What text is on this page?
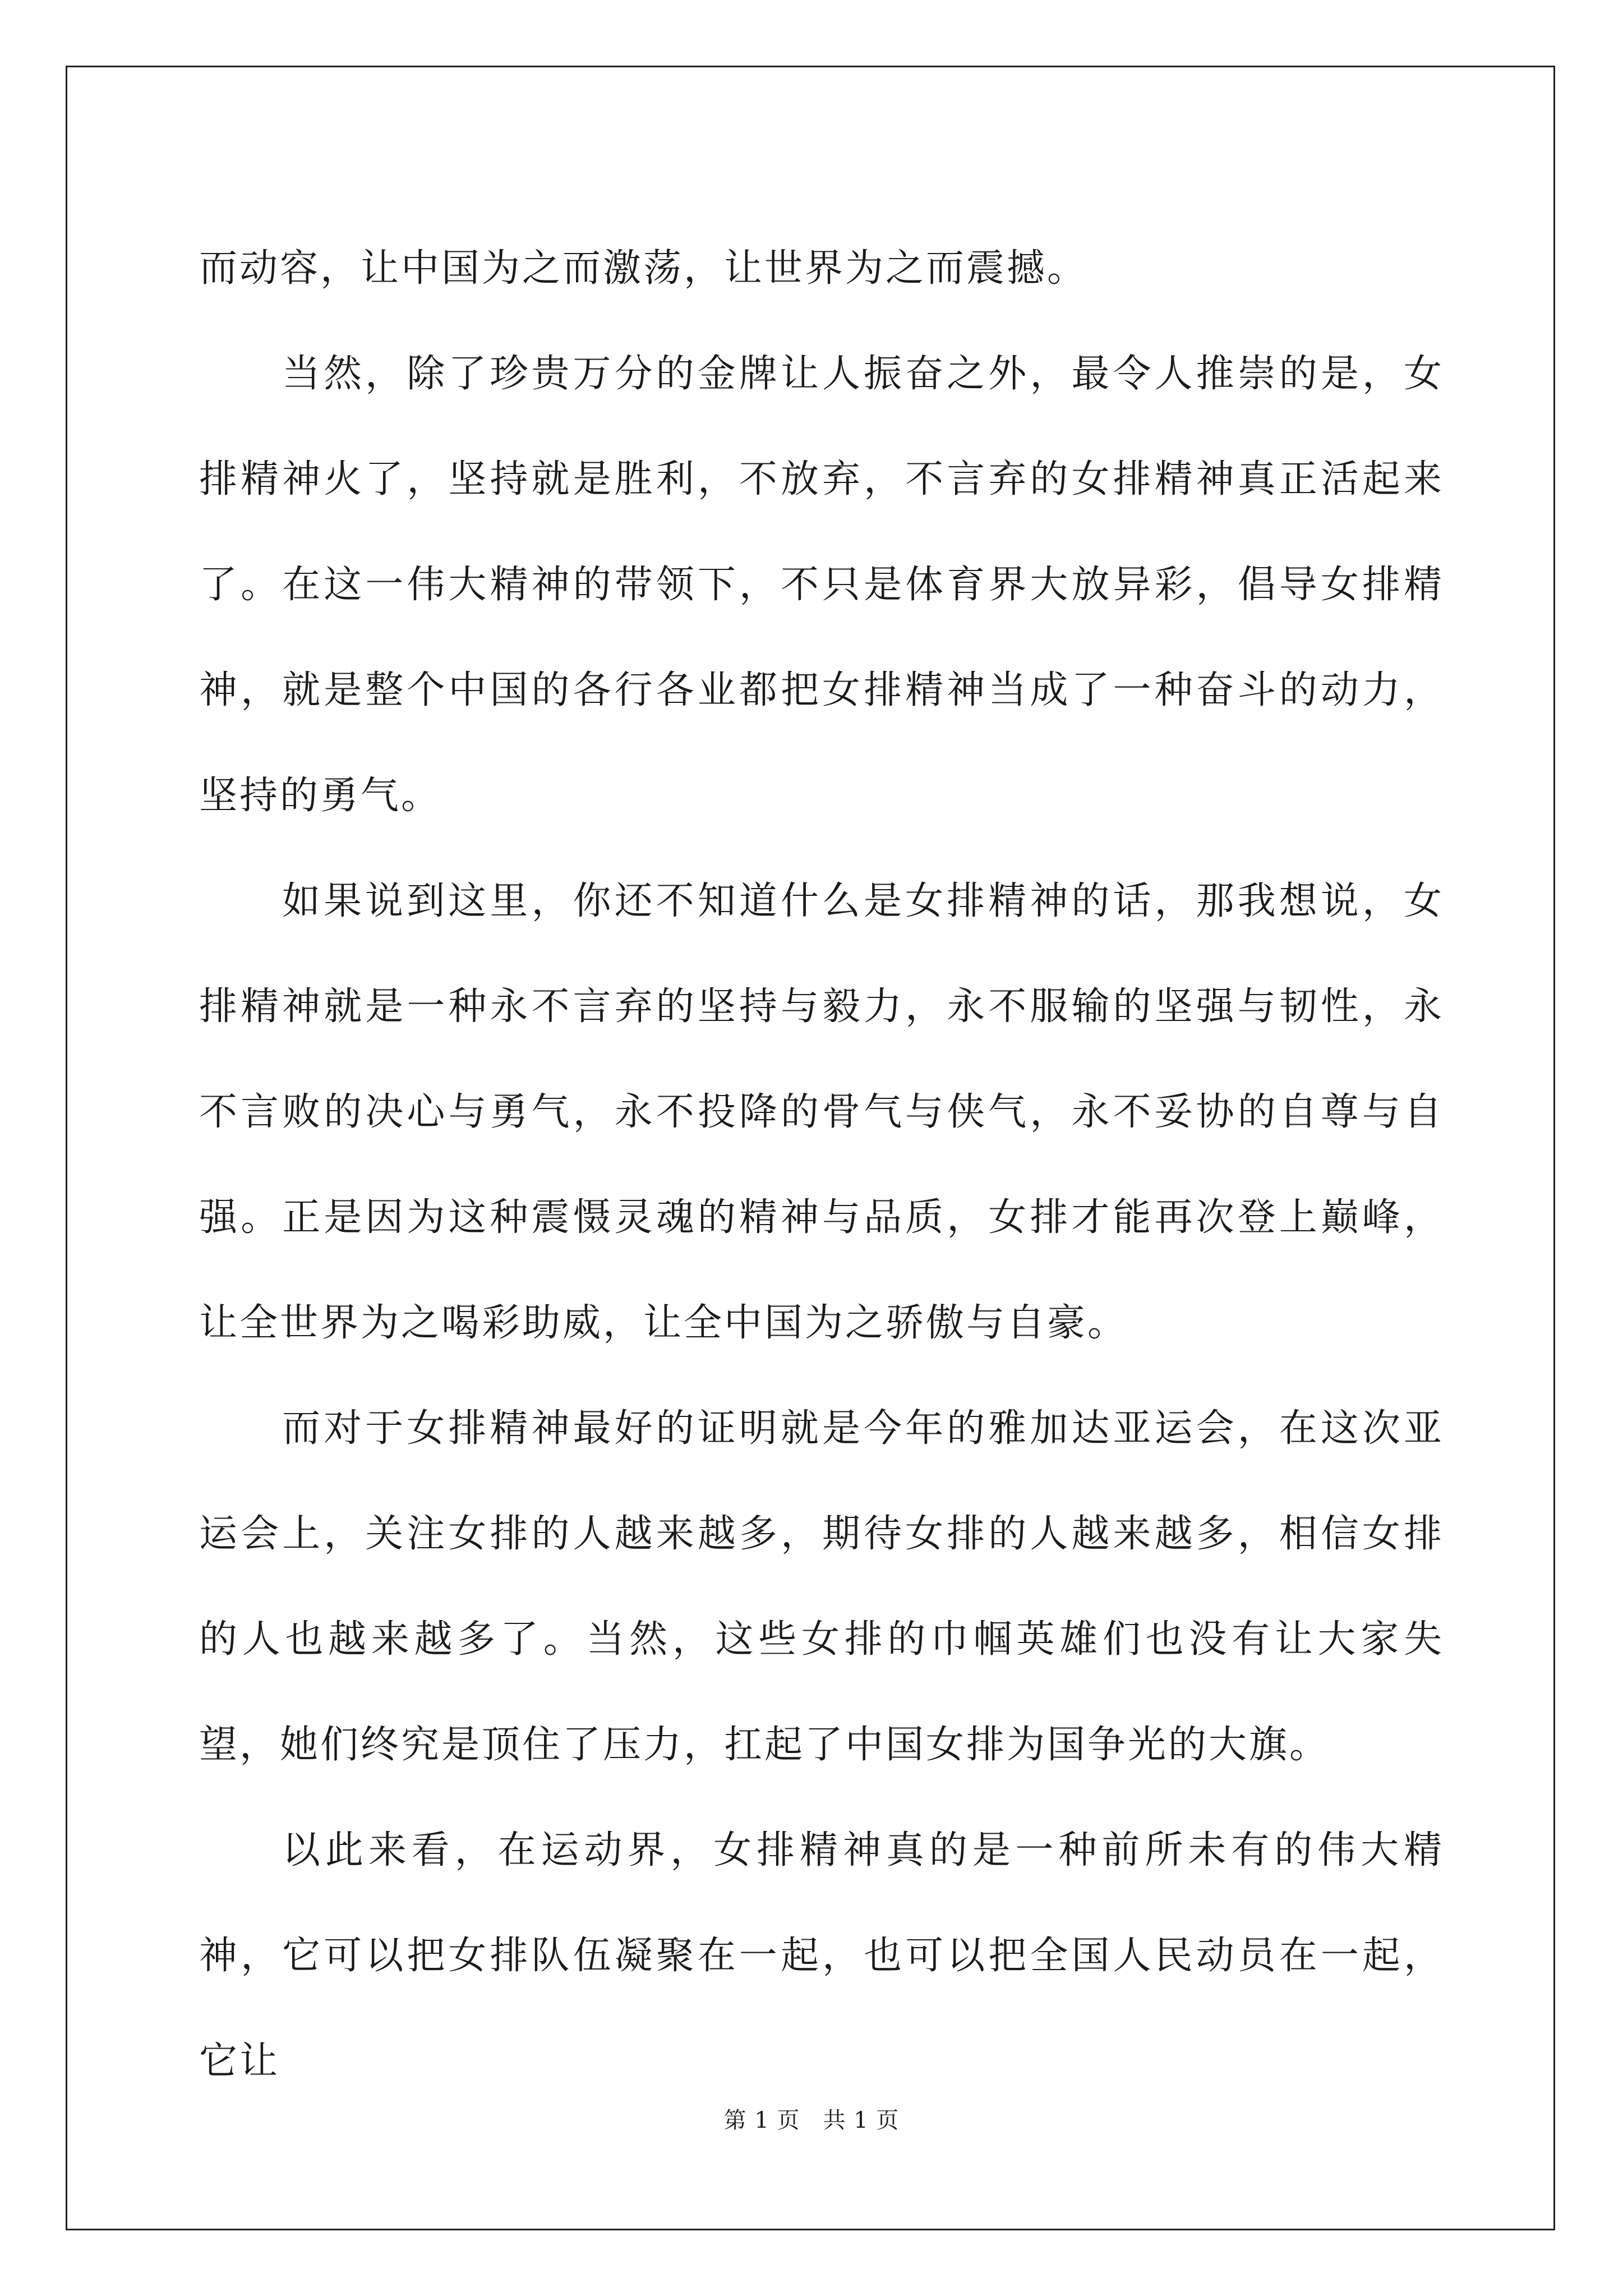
而动容，让中国为之而激荡，让世界为之而震撼。

当然，除了珍贵万分的金牌让人振奋之外，最令人推崇的是，女排精神火了，坚持就是胜利，不放弃，不言弃的女排精神真正活起来了。在这一伟大精神的带领下，不只是体育界大放异彩，倡导女排精神，就是整个中国的各行各业都把女排精神当成了一种奋斗的动力，坚持的勇气。

如果说到这里，你还不知道什么是女排精神的话，那我想说，女排精神就是一种永不言弃的坚持与毅力，永不服输的坚强与韧性，永不言败的决心与勇气，永不投降的骨气与侠气，永不妥协的自尊与自强。正是因为这种震慑灵魂的精神与品质，女排才能再次登上巅峰，让全世界为之喝彩助威，让全中国为之骄傲与自豪。

而对于女排精神最好的证明就是今年的雅加达亚运会，在这次亚运会上，关注女排的人越来越多，期待女排的人越来越多，相信女排的人也越来越多了。当然，这些女排的巾帼英雄们也没有让大家失望，她们终究是顶住了压力，扛起了中国女排为国争光的大旗。

以此来看，在运动界，女排精神真的是一种前所未有的伟大精神，它可以把女排队伍凝聚在一起，也可以把全国人民动员在一起，它让

第 1 页　共 1 页
